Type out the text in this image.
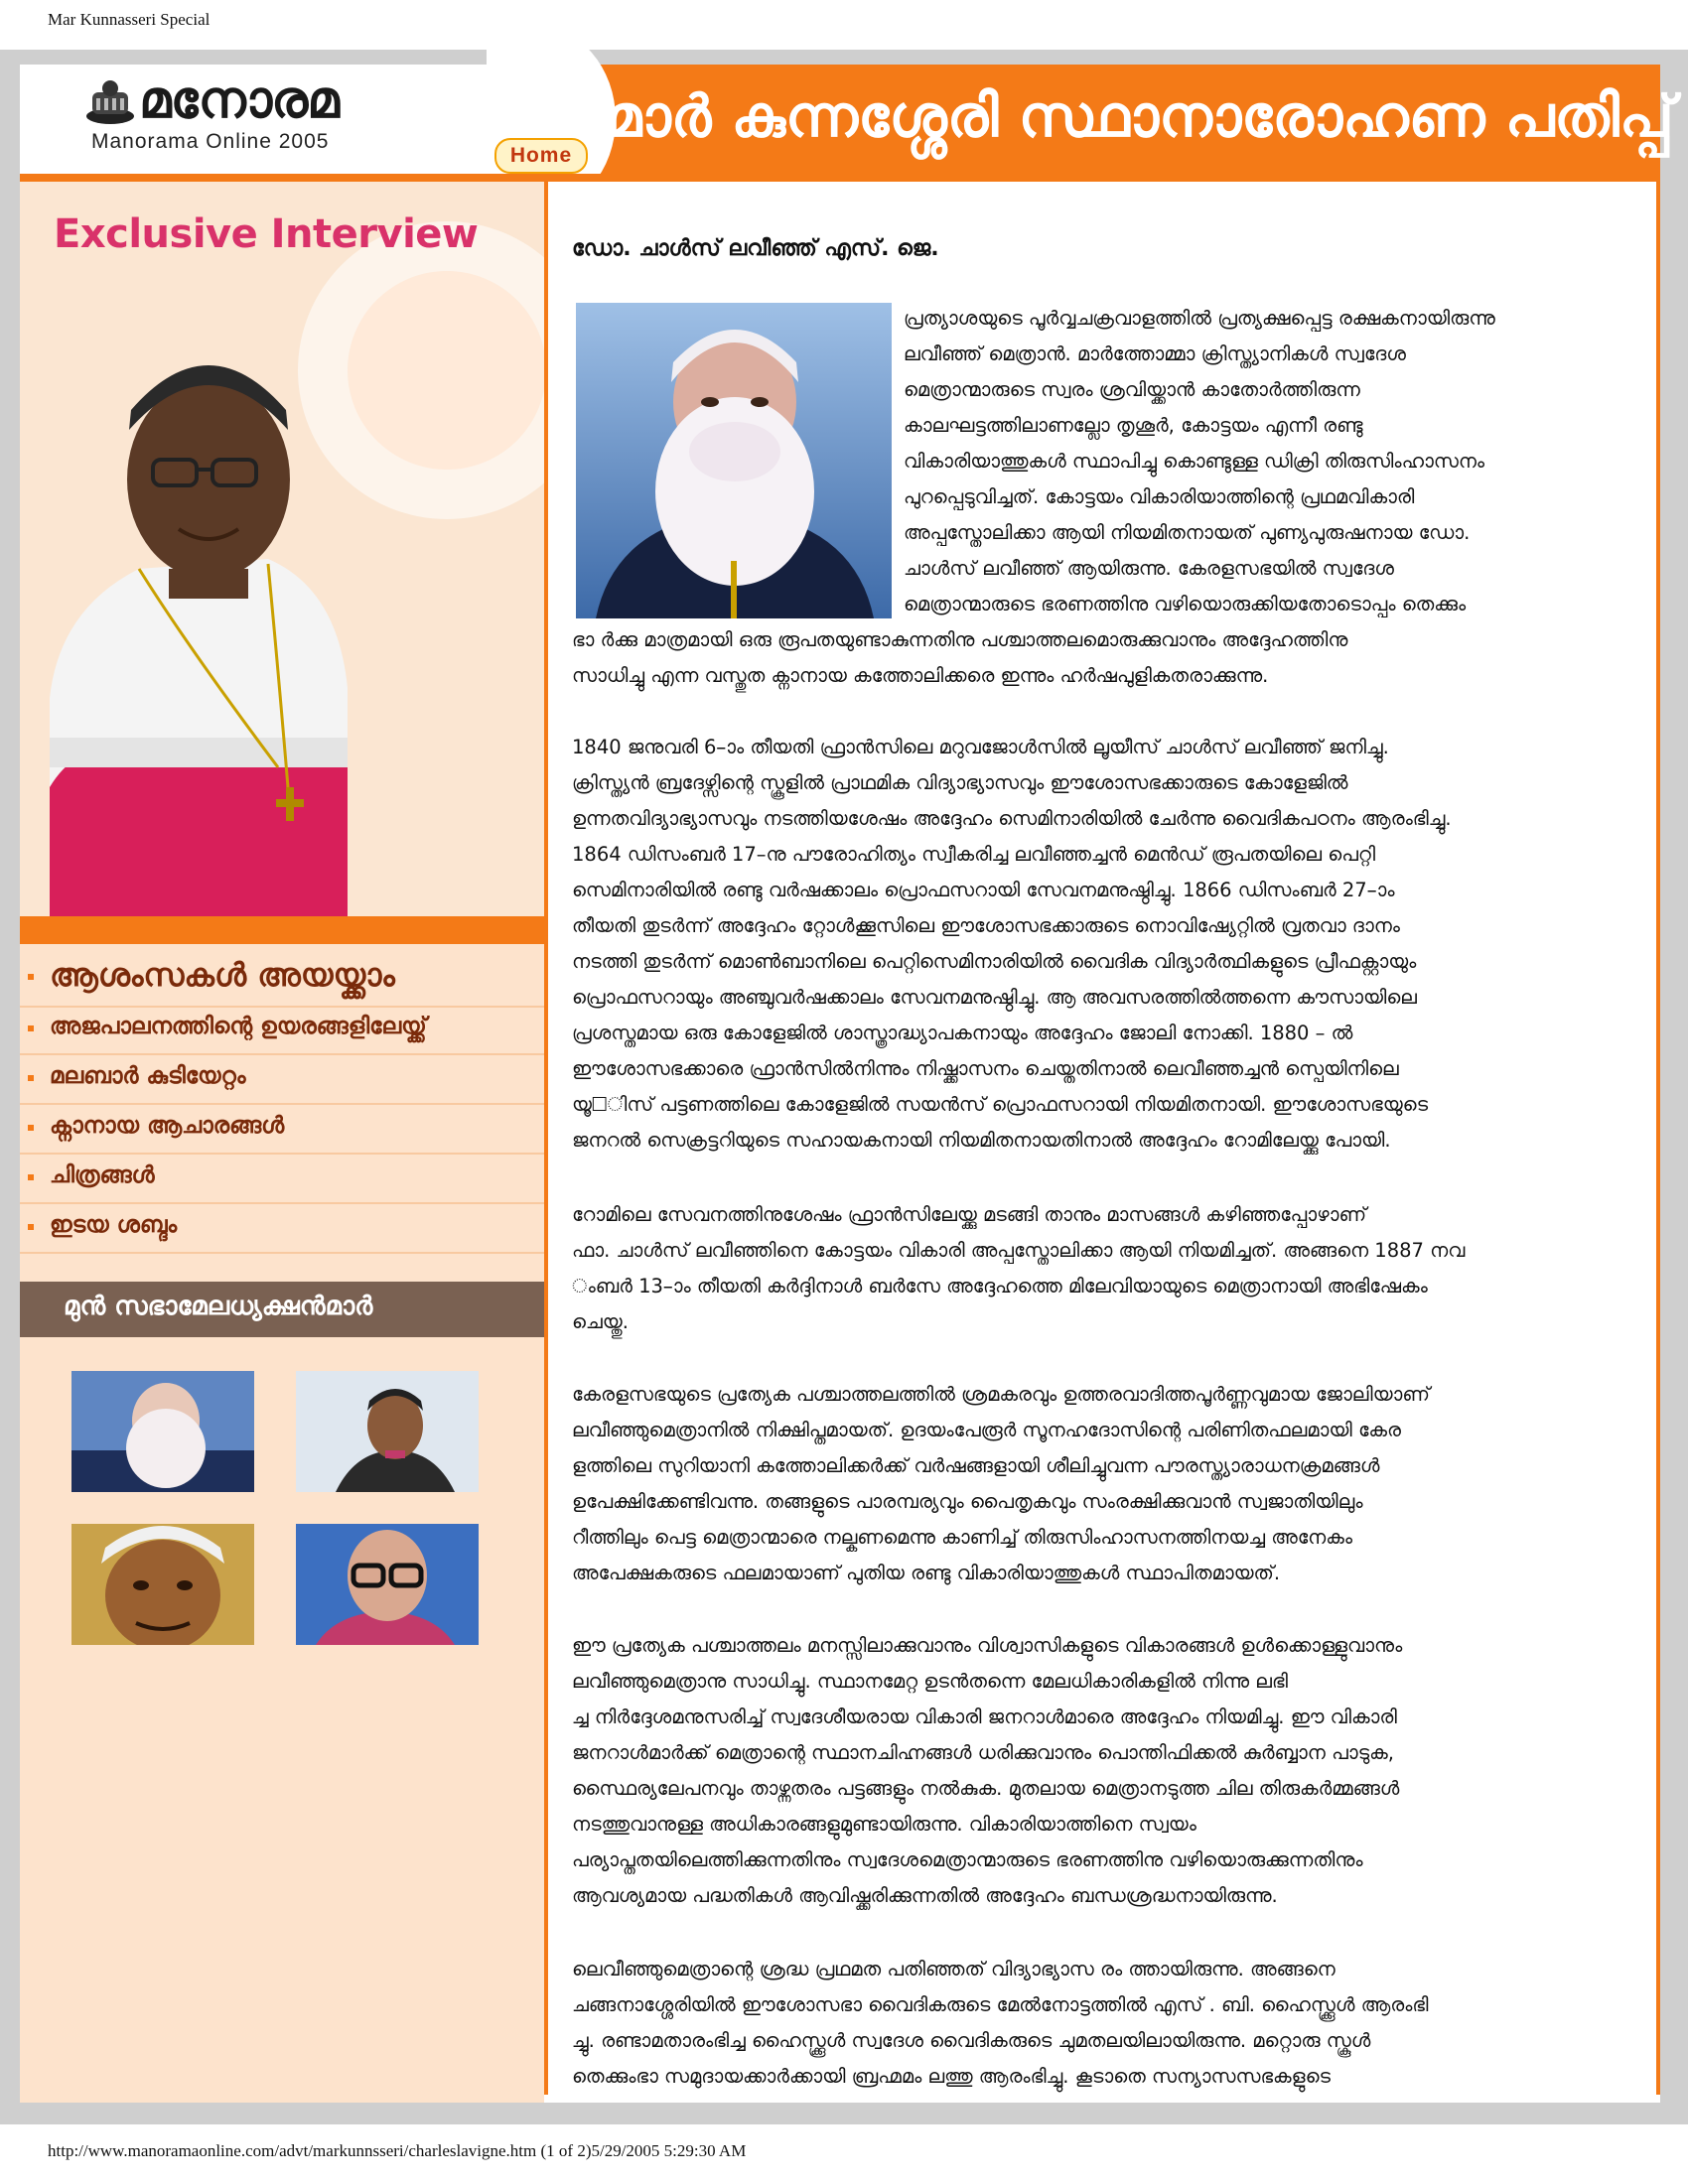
Mar Kunnasseri Special
മനോരമ
Manorama Online 2005
Home
മാർ കുന്നശ്ശേരി സ്ഥാനാരോഹണ പതിപ്പ്
Exclusive Interview
ആശംസകൾ അയയ്ക്കാം
അജപാലനത്തിന്റെ ഉയരങ്ങളിലേയ്ക്ക്
മലബാർ കുടിയേറ്റം
ക്നാനായ ആചാരങ്ങൾ
ചിത്രങ്ങൾ
ഇടയ ശബ്ദം
മുൻ സഭാമേലധ്യക്ഷൻമാർ
ഡോ. ചാൾസ് ലവീഞ്ഞ് എസ്. ജെ.
പ്രത്യാശയുടെ പൂർവ്വചക്രവാളത്തിൽ പ്രത്യക്ഷപ്പെട്ട രക്ഷകനായിരുന്നു
ലവീഞ്ഞ് മെത്രാൻ. മാർത്തോമ്മാ ക്രിസ്ത്യാനികൾ സ്വദേശ
മെത്രാന്മാരുടെ സ്വരം ശ്രവിയ്ക്കാൻ കാതോർത്തിരുന്ന
കാലഘട്ടത്തിലാണല്ലോ തൃശൂർ, കോട്ടയം എന്നീ രണ്ടു
വികാരിയാത്തുകൾ സ്ഥാപിച്ചു കൊണ്ടുള്ള ഡിക്രി തിരുസിംഹാസനം
പുറപ്പെടുവിച്ചത്. കോട്ടയം വികാരിയാത്തിന്റെ പ്രഥമവികാരി
അപ്പസ്തോലിക്കാ ആയി നിയമിതനായത് പുണ്യപുരുഷനായ ഡോ.
ചാൾസ് ലവീഞ്ഞ് ആയിരുന്നു. കേരളസഭയിൽ സ്വദേശ
മെത്രാന്മാരുടെ ഭരണത്തിനു വഴിയൊരുക്കിയതോടൊപ്പം തെക്കും
ഭാ ർക്കു മാത്രമായി ഒരു രൂപതയുണ്ടാകുന്നതിനു പശ്ചാത്തലമൊരുക്കുവാനും അദ്ദേഹത്തിനു
സാധിച്ചു എന്ന വസ്തുത ക്നാനായ കത്തോലിക്കരെ ഇന്നും ഹർഷപുളികതരാക്കുന്നു.
1840 ജനുവരി 6–ാം തീയതി ഫ്രാൻസിലെ മറുവജോൾസിൽ ലൂയീസ് ചാൾസ് ലവീഞ്ഞ് ജനിച്ചു.
ക്രിസ്ത്യൻ ബ്രദേഴ്സിന്റെ സ്കൂളിൽ പ്രാഥമിക വിദ്യാഭ്യാസവും ഈശോസഭക്കാരുടെ കോളേജിൽ
ഉന്നതവിദ്യാഭ്യാസവും നടത്തിയശേഷം അദ്ദേഹം സെമിനാരിയിൽ ചേർന്നു വൈദികപഠനം ആരംഭിച്ചു.
1864 ഡിസംബർ 17–നു പൗരോഹിത്യം സ്വീകരിച്ച ലവീഞ്ഞച്ചൻ മെൻഡ് രൂപതയിലെ പെറ്റി
സെമിനാരിയിൽ രണ്ടു വർഷക്കാലം പ്രൊഫസറായി സേവനമനുഷ്ഠിച്ചു. 1866 ഡിസംബർ 27–ാം
തീയതി തുടർന്ന് അദ്ദേഹം റ്റോൾക്കൂസിലെ ഈശോസഭക്കാരുടെ നൊവിഷ്യേറ്റിൽ വ്രതവാ ദാനം
നടത്തി തുടർന്ന് മൊൺബാനിലെ പെറ്റിസെമിനാരിയിൽ വൈദിക വിദ്യാർത്ഥികളുടെ പ്രീഫക്റ്റായും
പ്രൊഫസറായും അഞ്ചുവർഷക്കാലം സേവനമനുഷ്ഠിച്ചു. ആ അവസരത്തിൽത്തന്നെ കൗസായിലെ
പ്രശസ്തമായ ഒരു കോളേജിൽ ശാസ്ത്രാദ്ധ്യാപകനായും അദ്ദേഹം ജോലി നോക്കി. 1880 – ൽ
ഈശോസഭക്കാരെ ഫ്രാൻസിൽനിന്നും നിഷ്ക്കാസനം ചെയ്തതിനാൽ ലെവീഞ്ഞച്ചൻ സ്പെയിനിലെ
യൂ□ിസ് പട്ടണത്തിലെ കോളേജിൽ സയൻസ് പ്രൊഫസറായി നിയമിതനായി. ഈശോസഭയുടെ
ജനറൽ സെക്രട്ടറിയുടെ സഹായകനായി നിയമിതനായതിനാൽ അദ്ദേഹം റോമിലേയ്ക്കു പോയി.
റോമിലെ സേവനത്തിനുശേഷം ഫ്രാൻസിലേയ്ക്കു മടങ്ങി താനും മാസങ്ങൾ കഴിഞ്ഞപ്പോഴാണ്
ഫാ. ചാൾസ് ലവീഞ്ഞിനെ കോട്ടയം വികാരി അപ്പസ്തോലിക്കാ ആയി നിയമിച്ചത്. അങ്ങനെ 1887 നവ
ംബർ 13–ാം തീയതി കർദ്ദിനാൾ ബർസേ അദ്ദേഹത്തെ മിലേവിയായുടെ മെത്രാനായി അഭിഷേകം
ചെയ്തു.
കേരളസഭയുടെ പ്രത്യേക പശ്ചാത്തലത്തിൽ ശ്രമകരവും ഉത്തരവാദിത്തപൂർണ്ണവുമായ ജോലിയാണ്
ലവീഞ്ഞുമെത്രാനിൽ നിക്ഷിപ്തമായത്. ഉദയംപേരൂർ സൂനഹദോസിന്റെ പരിണിതഫലമായി കേര
ളത്തിലെ സുറിയാനി കത്തോലിക്കർക്ക് വർഷങ്ങളായി ശീലിച്ചുവന്ന പൗരസ്ത്യാരാധനക്രമങ്ങൾ
ഉപേക്ഷിക്കേണ്ടിവന്നു. തങ്ങളുടെ പാരമ്പര്യവും പൈതൃകവും സംരക്ഷിക്കുവാൻ സ്വജാതിയിലും
റീത്തിലും പെട്ട മെത്രാന്മാരെ നല്കണമെന്നു കാണിച്ച് തിരുസിംഹാസനത്തിനയച്ച അനേകം
അപേക്ഷകരുടെ ഫലമായാണ് പുതിയ രണ്ടു വികാരിയാത്തുകൾ സ്ഥാപിതമായത്.
ഈ പ്രത്യേക പശ്ചാത്തലം മനസ്സിലാക്കുവാനും വിശ്വാസികളുടെ വികാരങ്ങൾ ഉൾക്കൊള്ളുവാനും
ലവീഞ്ഞുമെത്രാനു സാധിച്ചു. സ്ഥാനമേറ്റ ഉടൻതന്നെ മേലധികാരികളിൽ നിന്നു ലഭി
ച്ച നിർദ്ദേശമനുസരിച്ച് സ്വദേശീയരായ വികാരി ജനറാൾമാരെ അദ്ദേഹം നിയമിച്ചു. ഈ വികാരി
ജനറാൾമാർക്ക് മെത്രാന്റെ സ്ഥാനചിഹ്നങ്ങൾ ധരിക്കുവാനും പൊന്തിഫിക്കൽ കുർബ്ബാന പാടുക,
സ്ഥൈര്യലേപനവും താഴ്ന്നതരം പട്ടങ്ങളും നൽകുക. മുതലായ മെത്രാനടുത്ത ചില തിരുകർമ്മങ്ങൾ
നടത്തുവാനുള്ള അധികാരങ്ങളുമുണ്ടായിരുന്നു. വികാരിയാത്തിനെ സ്വയം
പര്യാപ്തതയിലെത്തിക്കുന്നതിനും സ്വദേശമെത്രാന്മാരുടെ ഭരണത്തിനു വഴിയൊരുക്കുന്നതിനും
ആവശ്യമായ പദ്ധതികൾ ആവിഷ്ക്കരിക്കുന്നതിൽ അദ്ദേഹം ബന്ധശ്രദ്ധനായിരുന്നു.
ലെവീഞ്ഞുമെത്രാന്റെ ശ്രദ്ധ പ്രഥമത പതിഞ്ഞത് വിദ്യാഭ്യാസ രം ത്തായിരുന്നു. അങ്ങനെ
ചങ്ങനാശ്ശേരിയിൽ ഈശോസഭാ വൈദികരുടെ മേൽനോട്ടത്തിൽ എസ് . ബി. ഹൈസ്ക്കൂൾ ആരംഭി
ച്ചു. രണ്ടാമതാരംഭിച്ച ഹൈസ്ക്കൂൾ സ്വദേശ വൈദികരുടെ ചുമതലയിലായിരുന്നു. മറ്റൊരു സ്കൂൾ
തെക്കുംഭാ സമുദായക്കാർക്കായി ബ്രഹ്മമം ലത്തു ആരംഭിച്ചു. കൂടാതെ സന്യാസസഭകളുടെ
http://www.manoramaonline.com/advt/markunnsseri/charleslavigne.htm (1 of 2)5/29/2005 5:29:30 AM
